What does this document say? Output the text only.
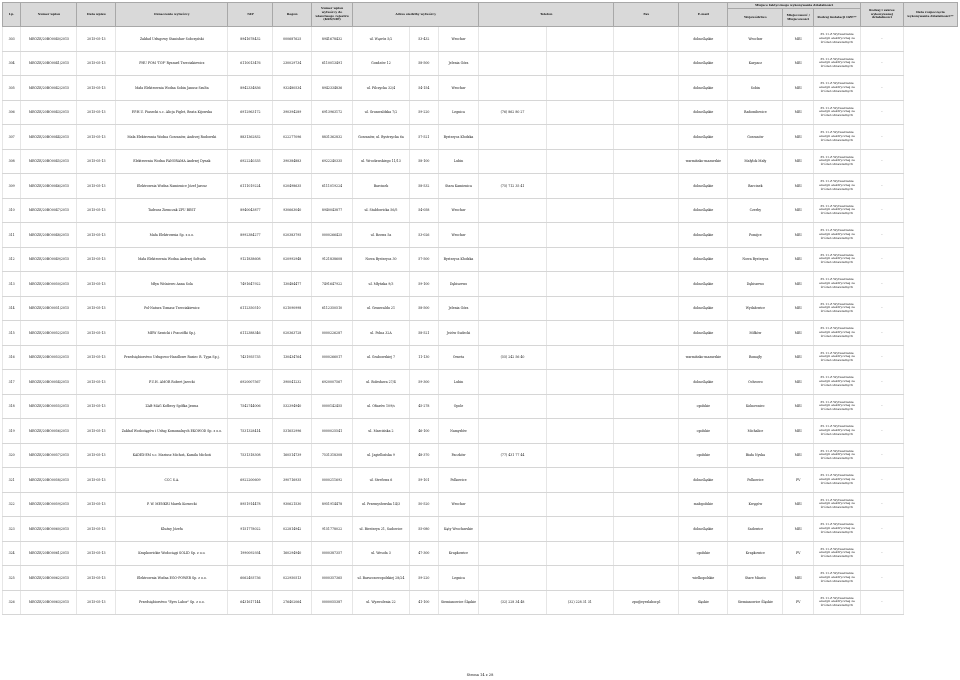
Lp.	Numer wpisu	Data wpisu	Oznaczenie wytwórcy	NIP	Regon	Numer wpisu wytwórcy do właściwego rejestru (KRS/NIP)	Adres siedziby wytwórcy			Telefon		Fax	E-mail	Miejsce faktycznego wykonywania działalności			Rodzaj i zakres wykonywanej działalności	Data rozpoczęcia wykonywania działalności**
														Województwo	Miejscowość / Miejscowości	Rodzaj instalacji OZE**		
303	MEOZE/20BO0040/2015	2015-05-13	Zakład Usługowy Stanisław Sobczyński	8941678432	000687625	8941678432	ul. Wąwóz 5/2	53-432	Wrocław				dolnośląskie	Wrocław	MEI	35.11.Z Wytwarzanie energii elektrycznej ze źródeł odnawialnych	-	
304	MEOZE/20BO0041/2015	2015-05-13	PHU POM 'TOP' Ryszard Trzeciakiewicz	6110013476	230029734	6110013491	Gozdzów 12	58-500	Jelenia Góra				dolnośląskie	Karpacz	MEI	35.11.Z Wytwarzanie energii elektrycznej ze źródeł odnawialnych	-	
305	MEOZE/20BO0042/2015	2015-05-13	Mała Elektrownia Wodna Sobin Janusz Szulta	8942334836	932480534	8942334836	ul. Pilczycka 32/4	54-154	Wrocław				dolnośląskie	Sobin	MEI	35.11.Z Wytwarzanie energii elektrycznej ze źródeł odnawialnych	-	
306	MEOZE/20BO0043/2015	2015-05-13	P.P.H.U. Piasecki s.c. Alicja Piglet, Beata Kijowska	6912963172	390394289	6913963172	ul. Grunwaldzka 7/2	59-220	Legnica	(76) 862 80 27			dolnośląskie	Radomiłowice	MEI	35.11.Z Wytwarzanie energii elektrycznej ze źródeł odnawialnych	-	
307	MEOZE/20BO0044/2015	2015-05-13	Mała Elektrownia Wodna Gorzanów, Andrzej Rudowski	8831362832	022277096	8831362832	Gorzanów, ul. Bystrzycka 6a	57-521	Bystrzyca Kłodzka				dolnośląskie	Gorzanów	MEI	35.11.Z Wytwarzanie energii elektrycznej ze źródeł odnawialnych	-	
308	MEOZE/20BO0045/2015	2015-05-13	Elektrownia Wodna PANORAMA Andrzej Dynak	6922240335	390384883	6922240335	ul. Wrocławskiego 11/13	58-100	Lubin				warmińsko-mazurskie	Małylok Mały	MEI	35.11.Z Wytwarzanie energii elektrycznej ze źródeł odnawialnych	-	
309	MEOZE/20BO0046/2015	2015-05-13	Elektrownia Wodna Namienice Józef Jarosz	6111019224	020498635	6111019224	Barcinek	58-532	Stara Kamienica	(75) 712 35 41			dolnośląskie	Barcinek	MEI	35.11.Z Wytwarzanie energii elektrycznej ze źródeł odnawialnych	-	
310	MEOZE/20BO0047/2015	2015-05-13	Tadeusz Ziemczak ZPU BEST	8940043877	930663040	8940043877	ul. Stabłowicka 56/5	54-058	Wrocław				dolnośląskie	Czerby	MEI	35.11.Z Wytwarzanie energii elektrycznej ze źródeł odnawialnych	-	
311	MEOZE/20BO0048/2015	2015-05-13	Mała Elektrownia Sp. z o.o.	8992384277	020383795	0000266425	ul. Bzowa 5a	53-026	Wrocław				dolnośląskie	Pomijce	MEI	35.11.Z Wytwarzanie energii elektrycznej ze źródeł odnawialnych	-	
312	MEOZE/20BO0049/2015	2015-05-13	Mała Elektrownia Wodna Andrzej Sołtuda	9121838608	020992948	9121838608	Nowa Bystrzyca 30	57-500	Bystrzyca Kłodzka				dolnośląskie	Nowa Bystrzyca	MEI	35.11.Z Wytwarzanie energii elektrycznej ze źródeł odnawialnych	-	
313	MEOZE/20BO0050/2015	2015-05-13	Młyn Wiśniewo Anna Sola	7491647922	130484477	7491647922	ul. Młyńska 9/3	59-100	Dębiszewo				dolnośląskie	Dębiszewo	MEI	35.11.Z Wytwarzanie energii elektrycznej ze źródeł odnawialnych	-	
314	MEOZE/20BO0051/2015	2015-05-13	Pol-Natura Tomasz Trzeciakiewicz	6112350510	021090998	6112350510	ul. Grunwaldu 21	58-500	Jelenia Góra				dolnośląskie	Wydałowice	MEI	35.11.Z Wytwarzanie energii elektrycznej ze źródeł odnawialnych	-	
315	MEOZE/20BO0052/2015	2015-05-13	MEW Sawicki i Pszczółki Sp.j.	6112388346	020363728	0000226287	ul. Polna 32A	58-521	Jeżów Sudecki				dolnośląskie	Miłków	MEI	35.11.Z Wytwarzanie energii elektrycznej ze źródeł odnawialnych	-	
316	MEOZE/20BO0053/2015	2015-05-13	Przedsiębiorstwo Usługowo-Handlowe Rusiec R. Typa Sp.j.	7431955735	130434764	0000266017	ul. Grabowskiej 7	11-130	Orneta	(55) 242 56 40			warmińsko-mazurskie	Romajły	MEI	35.11.Z Wytwarzanie energii elektrycznej ze źródeł odnawialnych	-	
317	MEOZE/20BO0054/2015	2015-05-13	P.U.H. AMOR Robert Jarecki	6920007567	390041232	6920007567	ul. Bolesława 27/4	59-300	Lubin				dolnośląskie	Ochrowo	MEI	35.11.Z Wytwarzanie energii elektrycznej ze źródeł odnawialnych	-	
318	MEOZE/20BO0055/2015	2015-05-13	ZAB-MAG Kołbecy Spółka Jawna	7542744006	532394940	0000142455	ul. Ofiarów 109/s	45-278	Opole				opolskie	Kolnowniec	MEI	35.11.Z Wytwarzanie energii elektrycznej ze źródeł odnawialnych	-	
319	MEOZE/20BO0056/2015	2015-05-13	Zakład Wodociągów i Usług Komunalnych EKOWOD Sp. z o.o.	7531328414	531652996	0000025541	ul. Marcińska 2	46-100	Namysłów				opolskie	Michalice	MEI	35.11.Z Wytwarzanie energii elektrycznej ze źródeł odnawialnych	-	
320	MEOZE/20BO0057/2015	2015-05-13	KADEX-EM s.c. Mariusz Michoń, Kamila Michoń	7531318308	160514739	7531318308	ul. Jagiellońska 9	48-370	Paczków	(77) 431 77 44			opolskie	Biała Nyska	MEI	35.11.Z Wytwarzanie energii elektrycznej ze źródeł odnawialnych	-	
321	MEOZE/20BO0058/2015	2015-05-13	CCC S.A.	6922200609	390716935	0000211692	ul. Strefowa 6	59-101	Polkowice				dolnośląskie	Polkowice	PV	35.11.Z Wytwarzanie energii elektrycznej ze źródeł odnawialnych	-	
322	MEOZE/20BO0059/2015	2015-05-13	P. W. MENKRI Marek Kornecki	8951914478	930621530	8951914478	ul. Przemysłowska 14/3	50-520	Wrocław				małopolskie	Kwęgów	MEI	35.11.Z Wytwarzanie energii elektrycznej ze źródeł odnawialnych	-	
323	MEOZE/20BO0060/2015	2015-05-13	Kluźny Józefa	9151778022	022814942	9151778022	ul. Biestrzyn 21, Sadowice	55-080	Kąty Wrocławskie				dolnośląskie	Sadowice	MEI	35.11.Z Wytwarzanie energii elektrycznej ze źródeł odnawialnych	-	
324	MEOZE/20BO0061/2015	2015-05-13	Krapkowickie Wodociągi SOLID Sp. z o.o.	1990092934	160294940	0000387357	ul. Wesoła 3	47-300	Krapkowice				opolskie	Krapkowice	PV	35.11.Z Wytwarzanie energii elektrycznej ze źródeł odnawialnych	-	
325	MEOZE/20BO0062/2015	2015-05-13	Elektrownia Wodna EGO-POWER Sp. z o.o.	6062493736	022950513	0000357365	ul. Barszczowopolskiej 28/24	59-220	Legnica				wielkopolskie	Stare Miasto	MEI	35.11.Z Wytwarzanie energii elektrycznej ze źródeł odnawialnych	-	
326	MEOZE/20BO0063/2015	2015-05-13	Przedsiębiorstwo "Eyes Labor" Sp. z o.o.	6431617144	276402064	0000055387	ul. Wyzwolenia 22	41-100	Siemianowice Śląskie	(32) 228 34 48	(32) 228 31 31	zpu@eyeslabor.pl	śląskie	Siemianowice Śląskie	PV	35.11.Z Wytwarzanie energii elektrycznej ze źródeł odnawialnych	-	
Strona 14 z 28
